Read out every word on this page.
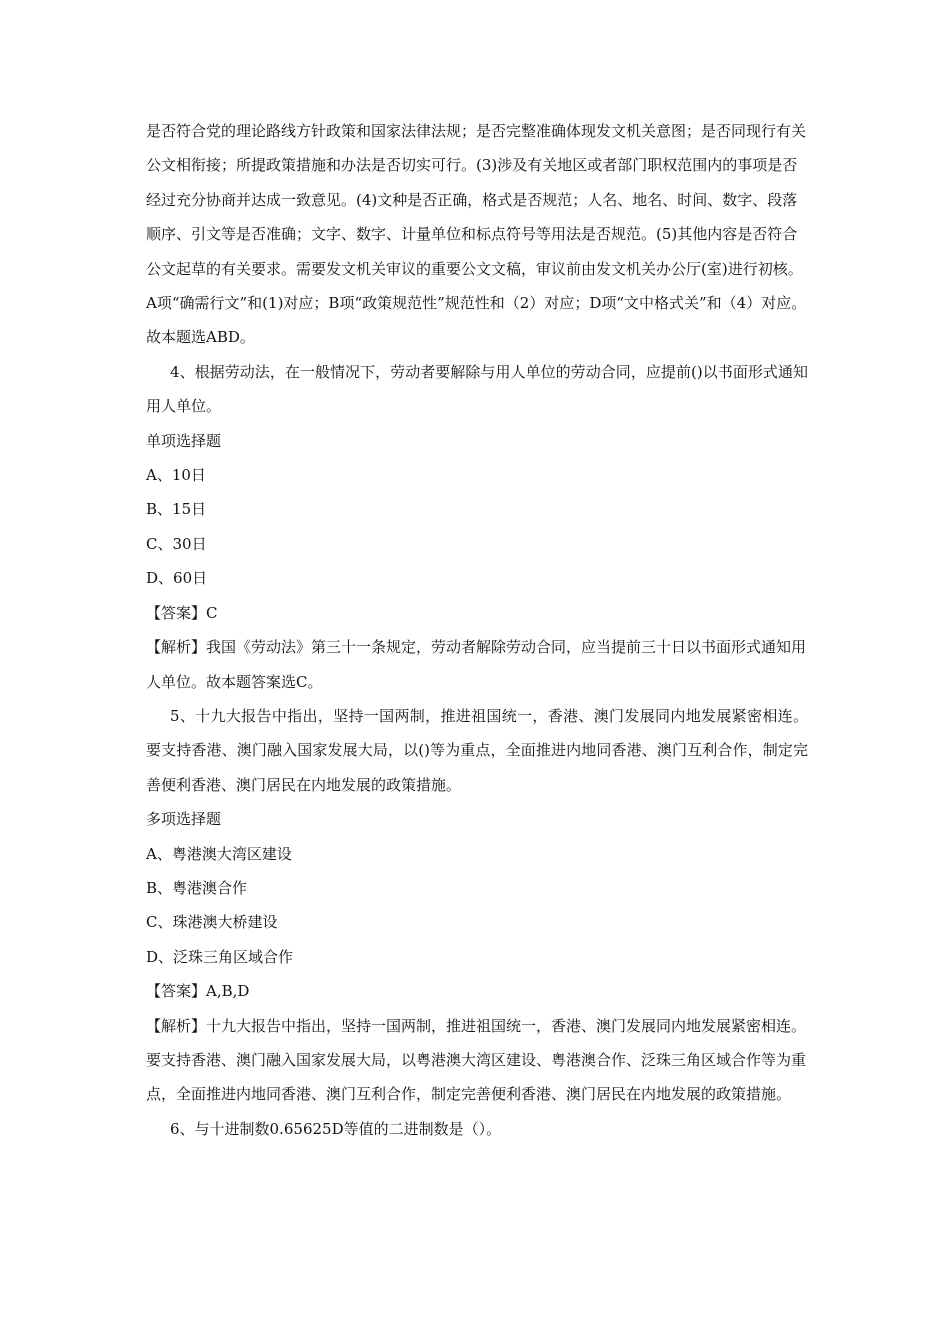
是否符合党的理论路线方针政策和国家法律法规；是否完整准确体现发文机关意图；是否同现行有关公文相衔接；所提政策措施和办法是否切实可行。(3)涉及有关地区或者部门职权范围内的事项是否经过充分协商并达成一致意见。(4)文种是否正确，格式是否规范；人名、地名、时间、数字、段落顺序、引文等是否准确；文字、数字、计量单位和标点符号等用法是否规范。(5)其他内容是否符合公文起草的有关要求。需要发文机关审议的重要公文文稿，审议前由发文机关办公厅(室)进行初核。A项“确需行文”和(1)对应；B项“政策规范性”规范性和（2）对应；D项“文中格式关”和（4）对应。故本题选ABD。

4、根据劳动法，在一般情况下，劳动者要解除与用人单位的劳动合同，应提前()以书面形式通知用人单位。

单项选择题

A、10日

B、15日

C、30日

D、60日

【答案】C

【解析】我国《劳动法》第三十一条规定，劳动者解除劳动合同，应当提前三十日以书面形式通知用人单位。故本题答案选C。

5、十九大报告中指出，坚持一国两制，推进祖国统一，香港、澳门发展同内地发展紧密相连。要支持香港、澳门融入国家发展大局，以()等为重点，全面推进内地同香港、澳门互利合作，制定完善便利香港、澳门居民在内地发展的政策措施。

多项选择题

A、粤港澳大湾区建设

B、粤港澳合作

C、珠港澳大桥建设

D、泛珠三角区域合作

【答案】A,B,D

【解析】十九大报告中指出，坚持一国两制，推进祖国统一，香港、澳门发展同内地发展紧密相连。要支持香港、澳门融入国家发展大局，以粤港澳大湾区建设、粤港澳合作、泛珠三角区域合作等为重点，全面推进内地同香港、澳门互利合作，制定完善便利香港、澳门居民在内地发展的政策措施。

6、与十进制数0.65625D等值的二进制数是（）。
